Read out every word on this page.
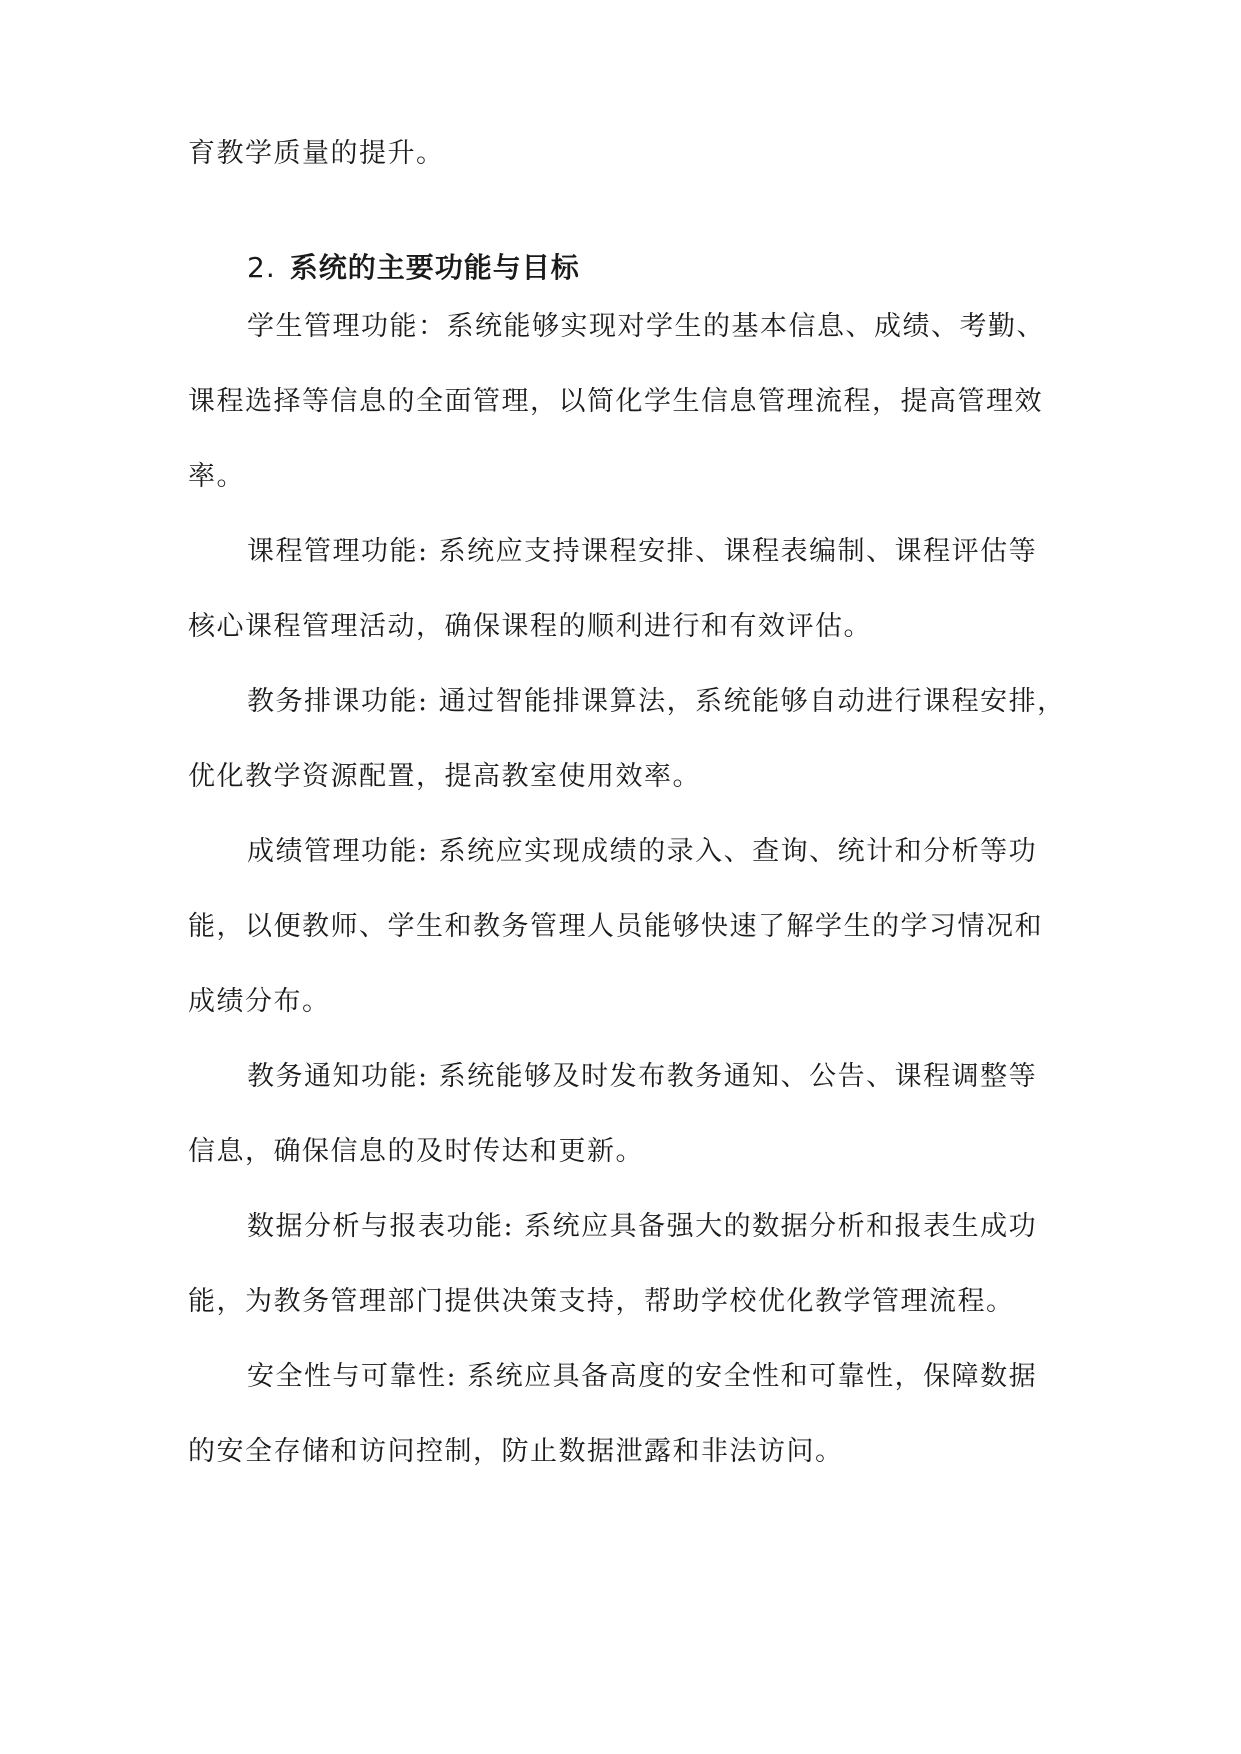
育教学质量的提升。
2. 系统的主要功能与目标
学生管理功能：系统能够实现对学生的基本信息、成绩、考勤、
课程选择等信息的全面管理，以简化学生信息管理流程，提高管理效
率。
课程管理功能: 系统应支持课程安排、课程表编制、课程评估等
核心课程管理活动，确保课程的顺利进行和有效评估。
教务排课功能: 通过智能排课算法，系统能够自动进行课程安排，
优化教学资源配置，提高教室使用效率。
成绩管理功能: 系统应实现成绩的录入、查询、统计和分析等功
能，以便教师、学生和教务管理人员能够快速了解学生的学习情况和
成绩分布。
教务通知功能: 系统能够及时发布教务通知、公告、课程调整等
信息，确保信息的及时传达和更新。
数据分析与报表功能: 系统应具备强大的数据分析和报表生成功
能，为教务管理部门提供决策支持，帮助学校优化教学管理流程。
安全性与可靠性: 系统应具备高度的安全性和可靠性，保障数据
的安全存储和访问控制，防止数据泄露和非法访问。
